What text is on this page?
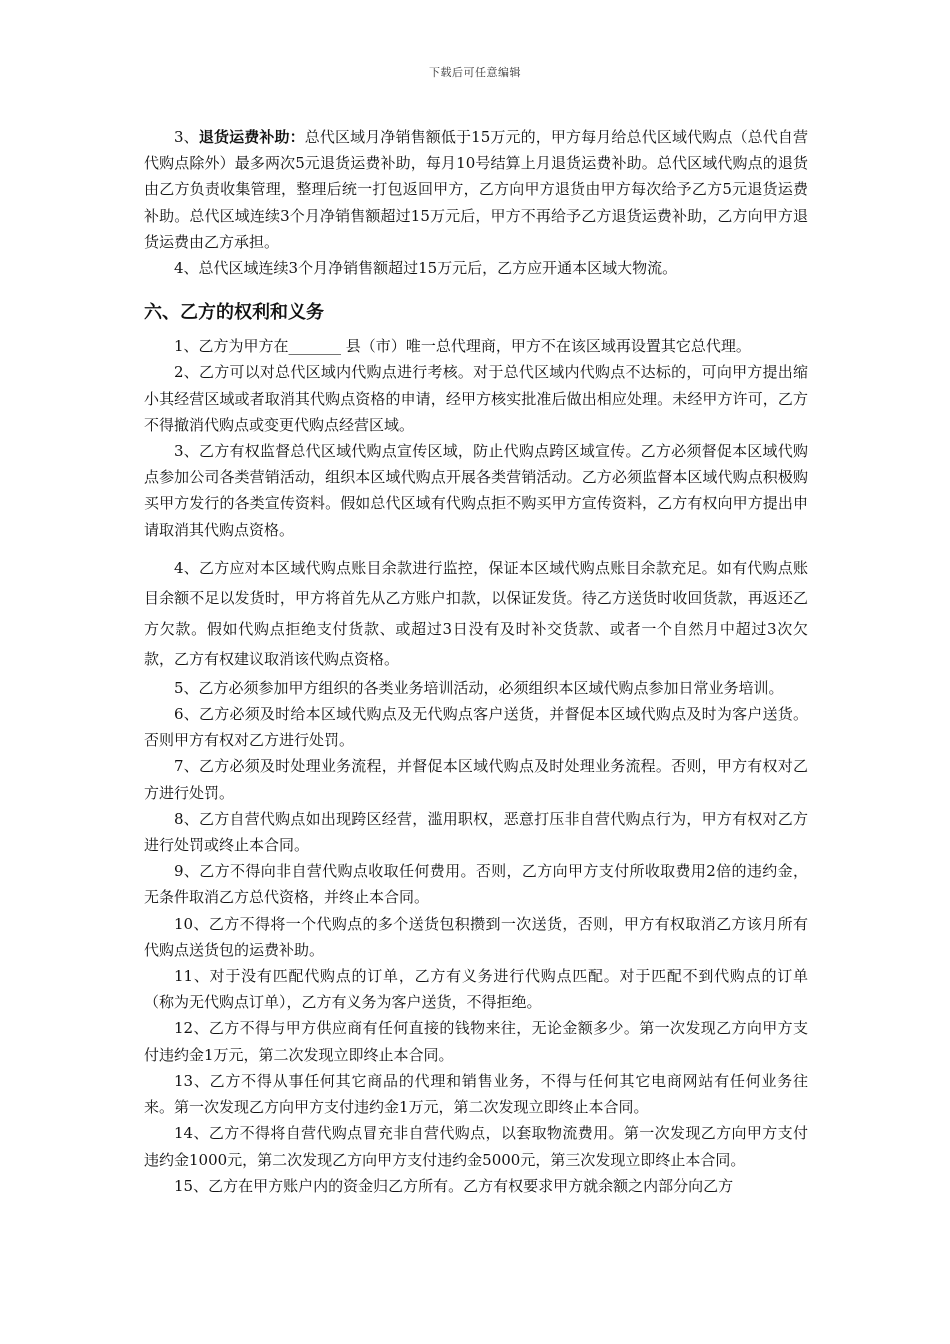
下载后可任意编辑

3、退货运费补助：总代区域月净销售额低于15万元的，甲方每月给总代区域代购点（总代自营代购点除外）最多两次5元退货运费补助，每月10号结算上月退货运费补助。总代区域代购点的退货由乙方负责收集管理，整理后统一打包返回甲方，乙方向甲方退货由甲方每次给予乙方5元退货运费补助。总代区域连续3个月净销售额超过15万元后，甲方不再给予乙方退货运费补助，乙方向甲方退货运费由乙方承担。

4、总代区域连续3个月净销售额超过15万元后，乙方应开通本区域大物流。

六、乙方的权利和义务

1、乙方为甲方在_______ 县（市）唯一总代理商，甲方不在该区域再设置其它总代理。

2、乙方可以对总代区域内代购点进行考核。对于总代区域内代购点不达标的，可向甲方提出缩小其经营区域或者取消其代购点资格的申请，经甲方核实批准后做出相应处理。未经甲方许可，乙方不得撤消代购点或变更代购点经营区域。

3、乙方有权监督总代区域代购点宣传区域，防止代购点跨区域宣传。乙方必须督促本区域代购点参加公司各类营销活动，组织本区域代购点开展各类营销活动。乙方必须监督本区域代购点积极购买甲方发行的各类宣传资料。假如总代区域有代购点拒不购买甲方宣传资料，乙方有权向甲方提出申请取消其代购点资格。

4、乙方应对本区域代购点账目余款进行监控，保证本区域代购点账目余款充足。如有代购点账目余额不足以发货时，甲方将首先从乙方账户扣款，以保证发货。待乙方送货时收回货款，再返还乙方欠款。假如代购点拒绝支付货款、或超过3日没有及时补交货款、或者一个自然月中超过3次欠款，乙方有权建议取消该代购点资格。

5、乙方必须参加甲方组织的各类业务培训活动，必须组织本区域代购点参加日常业务培训。

6、乙方必须及时给本区域代购点及无代购点客户送货，并督促本区域代购点及时为客户送货。否则甲方有权对乙方进行处罚。

7、乙方必须及时处理业务流程，并督促本区域代购点及时处理业务流程。否则，甲方有权对乙方进行处罚。

8、乙方自营代购点如出现跨区经营，滥用职权，恶意打压非自营代购点行为，甲方有权对乙方进行处罚或终止本合同。

9、乙方不得向非自营代购点收取任何费用。否则，乙方向甲方支付所收取费用2倍的违约金，无条件取消乙方总代资格，并终止本合同。

10、乙方不得将一个代购点的多个送货包积攒到一次送货，否则，甲方有权取消乙方该月所有代购点送货包的运费补助。

11、对于没有匹配代购点的订单，乙方有义务进行代购点匹配。对于匹配不到代购点的订单（称为无代购点订单），乙方有义务为客户送货，不得拒绝。

12、乙方不得与甲方供应商有任何直接的钱物来往，无论金额多少。第一次发现乙方向甲方支付违约金1万元，第二次发现立即终止本合同。

13、乙方不得从事任何其它商品的代理和销售业务，不得与任何其它电商网站有任何业务往来。第一次发现乙方向甲方支付违约金1万元，第二次发现立即终止本合同。

14、乙方不得将自营代购点冒充非自营代购点，以套取物流费用。第一次发现乙方向甲方支付违约金1000元，第二次发现乙方向甲方支付违约金5000元，第三次发现立即终止本合同。

15、乙方在甲方账户内的资金归乙方所有。乙方有权要求甲方就余额之内部分向乙方
